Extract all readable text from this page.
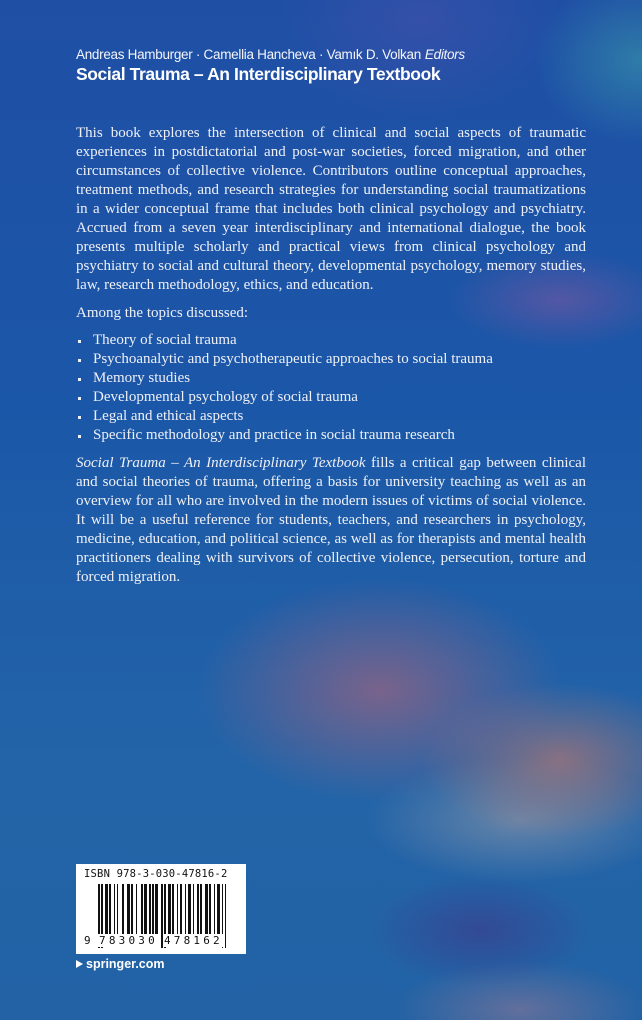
Andreas Hamburger · Camellia Hancheva · Vamık D. Volkan Editors
Social Trauma – An Interdisciplinary Textbook

This book explores the intersection of clinical and social aspects of traumatic experiences in postdictatorial and post-war societies, forced migration, and other circumstances of collective violence. Contributors outline conceptual approaches, treatment methods, and research strategies for understanding social traumatizations in a wider conceptual frame that includes both clinical psychology and psychiatry. Accrued from a seven year interdisciplinary and international dialogue, the book presents multiple scholarly and practical views from clinical psychology and psychiatry to social and cultural theory, developmental psychology, memory studies, law, research methodology, ethics, and education.

Among the topics discussed:

Theory of social trauma
Psychoanalytic and psychotherapeutic approaches to social trauma
Memory studies
Developmental psychology of social trauma
Legal and ethical aspects
Specific methodology and practice in social trauma research

Social Trauma – An Interdisciplinary Textbook fills a critical gap between clinical and social theories of trauma, offering a basis for university teaching as well as an overview for all who are involved in the modern issues of victims of social violence. It will be a useful reference for students, teachers, and researchers in psychology, medicine, education, and political science, as well as for therapists and mental health practitioners dealing with survivors of collective violence, persecution, torture and forced migration.

ISBN 978-3-030-47816-2
9 783030 478162
springer.com
